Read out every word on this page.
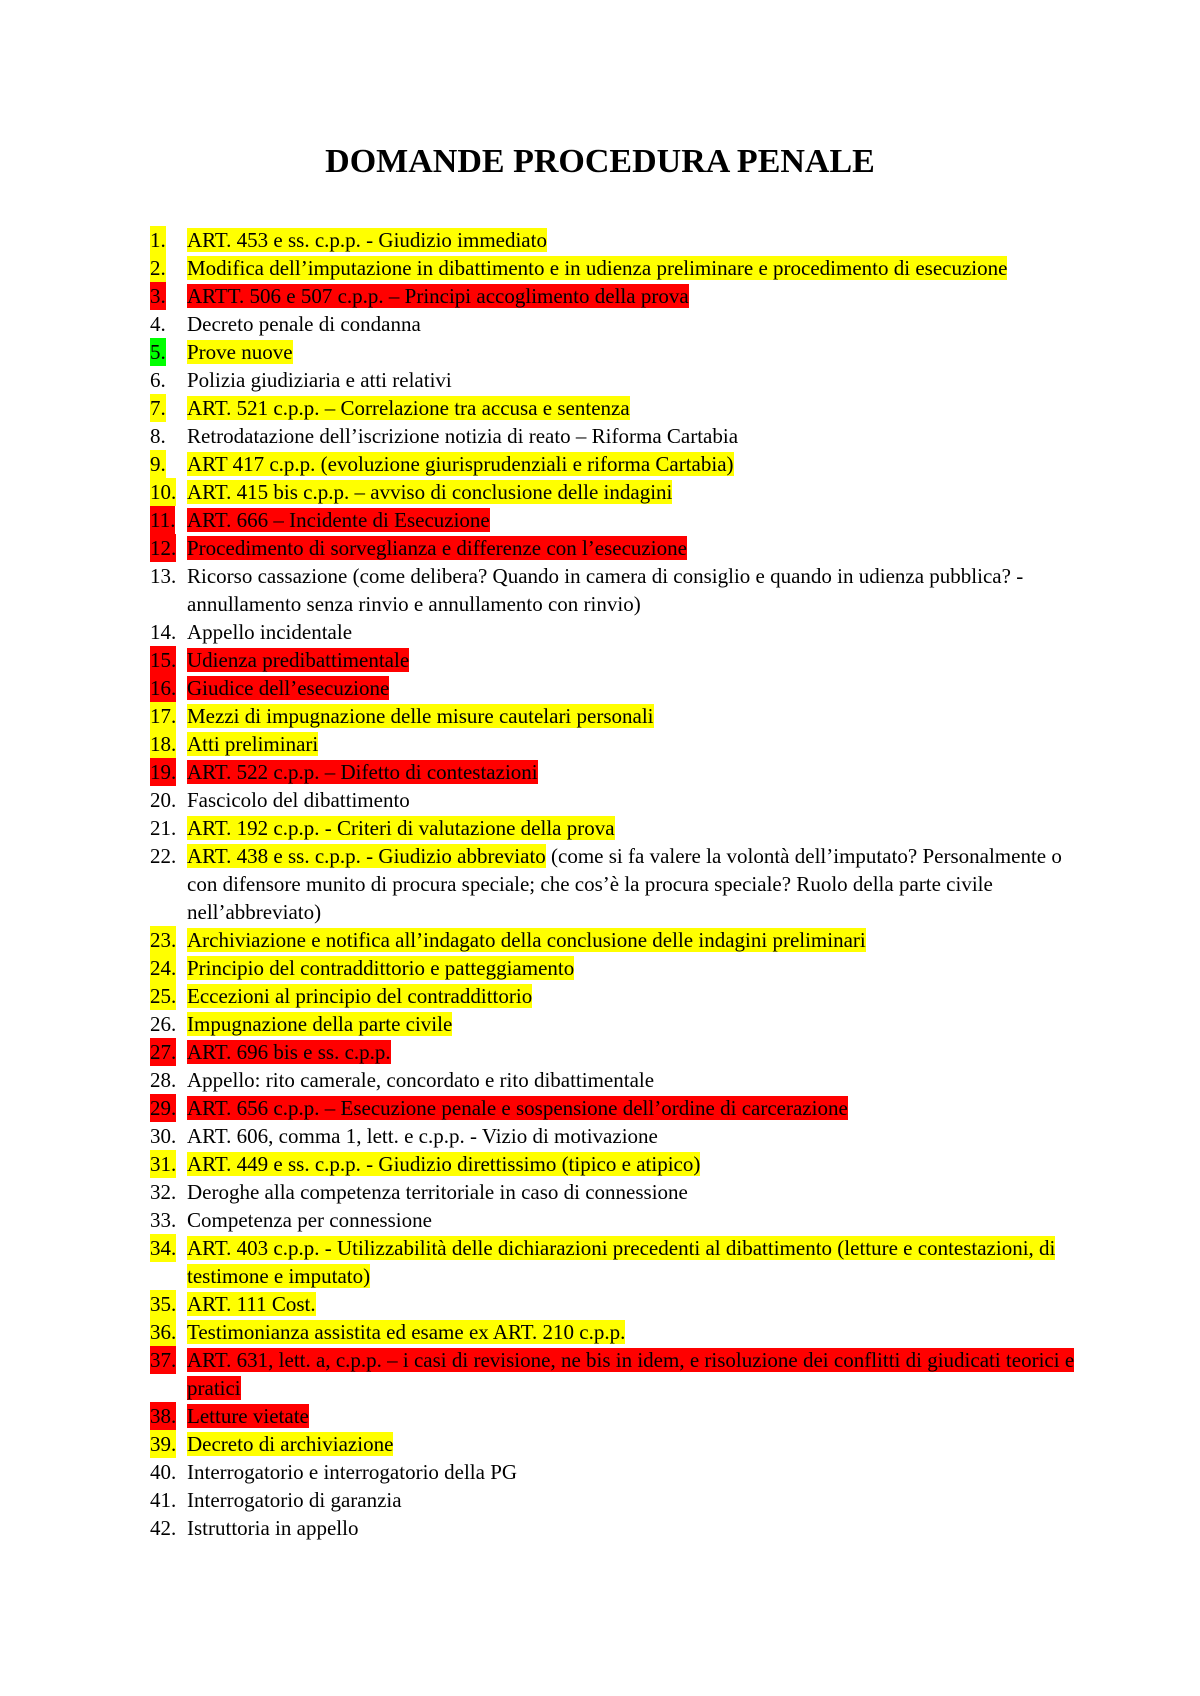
DOMANDE PROCEDURA PENALE
1. ART. 453 e ss. c.p.p. - Giudizio immediato
2. Modifica dell’imputazione in dibattimento e in udienza preliminare e procedimento di esecuzione
3. ARTT. 506 e 507 c.p.p. – Principi accoglimento della prova
4. Decreto penale di condanna
5. Prove nuove
6. Polizia giudiziaria e atti relativi
7. ART. 521 c.p.p. – Correlazione tra accusa e sentenza
8. Retrodatazione dell’iscrizione notizia di reato – Riforma Cartabia
9. ART 417 c.p.p. (evoluzione giurisprudenziali e riforma Cartabia)
10. ART. 415 bis c.p.p. – avviso di conclusione delle indagini
11. ART. 666 – Incidente di Esecuzione
12. Procedimento di sorveglianza e differenze con l’esecuzione
13. Ricorso cassazione (come delibera? Quando in camera di consiglio e quando in udienza pubblica? - annullamento senza rinvio e annullamento con rinvio)
14. Appello incidentale
15. Udienza predibattimentale
16. Giudice dell’esecuzione
17. Mezzi di impugnazione delle misure cautelari personali
18. Atti preliminari
19. ART. 522 c.p.p. – Difetto di contestazioni
20. Fascicolo del dibattimento
21. ART. 192 c.p.p. - Criteri di valutazione della prova
22. ART. 438 e ss. c.p.p. - Giudizio abbreviato (come si fa valere la volontà dell’imputato? Personalmente o con difensore munito di procura speciale; che cos’è la procura speciale? Ruolo della parte civile nell’abbreviato)
23. Archiviazione e notifica all’indagato della conclusione delle indagini preliminari
24. Principio del contraddittorio e patteggiamento
25. Eccezioni al principio del contraddittorio
26. Impugnazione della parte civile
27. ART. 696 bis e ss. c.p.p.
28. Appello: rito camerale, concordato e rito dibattimentale
29. ART. 656 c.p.p. – Esecuzione penale e sospensione dell’ordine di carcerazione
30. ART. 606, comma 1, lett. e c.p.p. - Vizio di motivazione
31. ART. 449 e ss. c.p.p. - Giudizio direttissimo (tipico e atipico)
32. Deroghe alla competenza territoriale in caso di connessione
33. Competenza per connessione
34. ART. 403 c.p.p. - Utilizzabilità delle dichiarazioni precedenti al dibattimento (letture e contestazioni, di testimone e imputato)
35. ART. 111 Cost.
36. Testimonianza assistita ed esame ex ART. 210 c.p.p.
37. ART. 631, lett. a, c.p.p. – i casi di revisione, ne bis in idem, e risoluzione dei conflitti di giudicati teorici e pratici
38. Letture vietate
39. Decreto di archiviazione
40. Interrogatorio e interrogatorio della PG
41. Interrogatorio di garanzia
42. Istruttoria in appello
